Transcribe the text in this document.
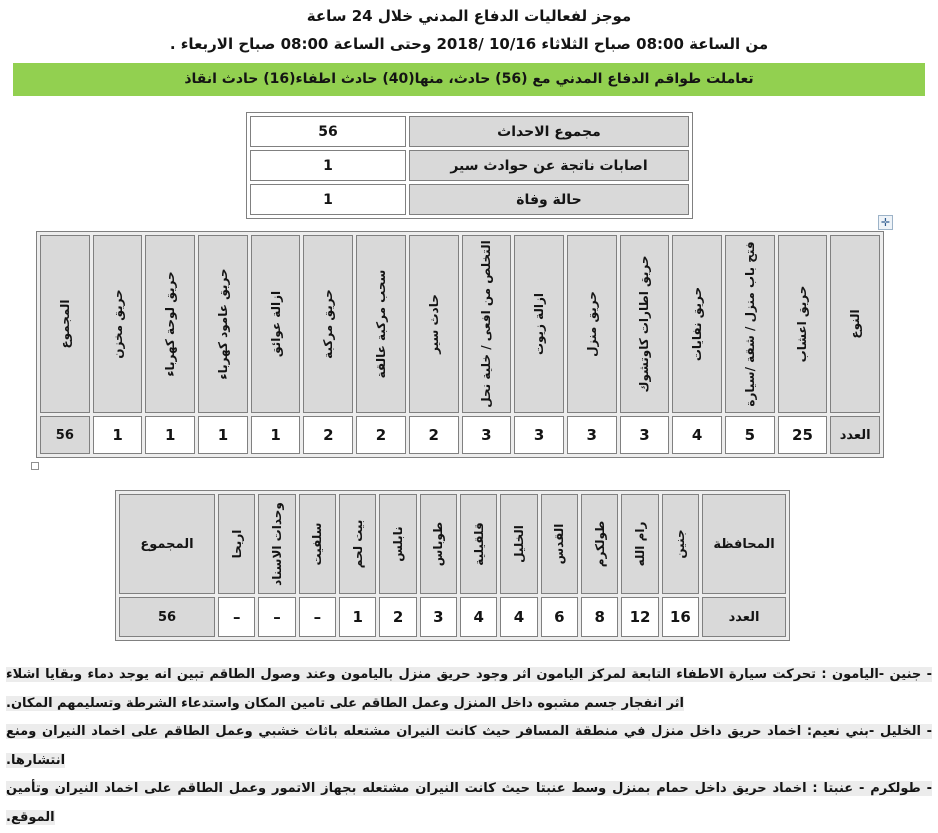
موجز لفعاليات الدفاع المدني خلال 24 ساعة
من الساعة 08:00 صباح الثلاثاء 2018/ 10/16 وحتى الساعة 08:00 صباح الاربعاء .
تعاملت طواقم الدفاع المدني مع (56) حادث، منها(40) حادث اطفاء(16) حادث انقاذ
مجموع الاحداث	56
اصابات ناتجة عن حوادث سير	1
حالة وفاة	1
✛
النوع	حريق اعشاب	فتح باب منزل / شقة /سيارة	حريق نفايات	حريق اطارات كاوتشوك	حريق منزل	ازالة زيوت	التخلص من افعى / خلية نحل	حادث سير	سحب مركبة عالقة	حريق مركبة	ازالة عوائق	حريق عامود كهرباء	حريق لوحة كهرباء	حريق مخزن	المجموع

العدد	25	5	4	3	3	3	3	2	2	2	1	1	1	1	56
المحافظة	جنين	رام الله	طولكرم	القدس	الخليل	قلقيلية	طوباس	نابلس	بيت لحم	سلفيت	وحدات الاسناد	اريحا	المجموع
العدد	16	12	8	6	4	4	3	2	1	–	–	–	56

- جنين -اليامون : تحركت سيارة الاطفاء التابعة لمركز اليامون اثر وجود حريق منزل باليامون وعند وصول الطاقم تبين انه يوجد دماء وبقايا اشلاء اثر انفجار جسم مشبوه داخل المنزل وعمل الطاقم على تامين المكان واستدعاء الشرطة وتسليمهم المكان.

- الخليل -بني نعيم: اخماد حريق داخل منزل في منطقة المسافر حيث كانت النيران مشتعله باثاث خشبي وعمل الطاقم على اخماد النيران ومنع انتشارها.

- طولكرم - عنبتا : اخماد حريق داخل حمام بمنزل وسط عنبتا حيث كانت النيران مشتعله بجهاز الاتمور وعمل الطاقم على اخماد النيران وتأمين الموقع.
